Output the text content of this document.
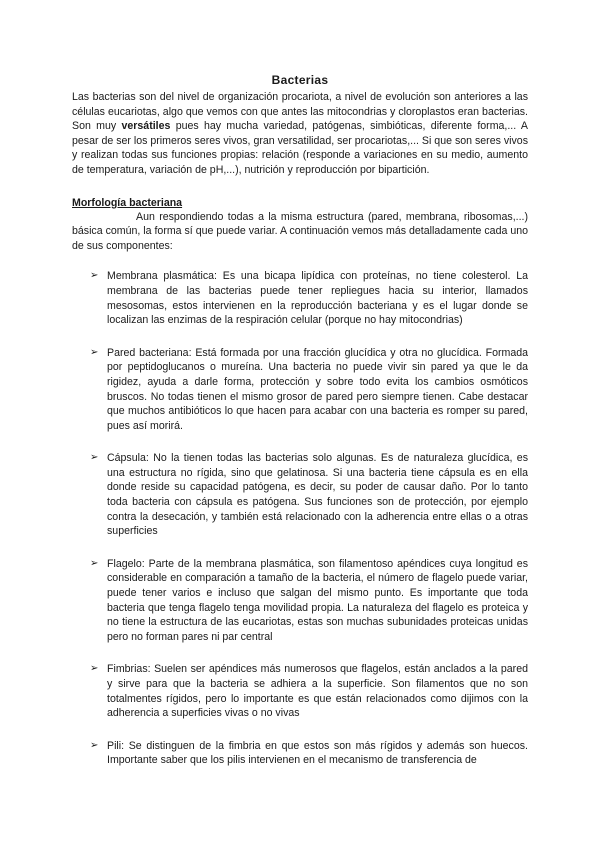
Bacterias

Las bacterias son del nivel de organización procariota, a nivel de evolución son anteriores a las células eucariotas, algo que vemos con que antes las mitocondrias y cloroplastos eran bacterias. Son muy versátiles pues hay mucha variedad, patógenas, simbióticas, diferente forma,... A pesar de ser los primeros seres vivos, gran versatilidad, ser procariotas,... Si que son seres vivos y realizan todas sus funciones propias: relación (responde a variaciones en su medio, aumento de temperatura, variación de pH,...), nutrición y reproducción por bipartición.

Morfología bacteriana

Aun respondiendo todas a la misma estructura (pared, membrana, ribosomas,...) básica común, la forma sí que puede variar. A continuación vemos más detalladamente cada uno de sus componentes:

➢ Membrana plasmática: Es una bicapa lipídica con proteínas, no tiene colesterol. La membrana de las bacterias puede tener repliegues hacia su interior, llamados mesosomas, estos intervienen en la reproducción bacteriana y es el lugar donde se localizan las enzimas de la respiración celular (porque no hay mitocondrias)
➢ Pared bacteriana: Está formada por una fracción glucídica y otra no glucídica. Formada por peptidoglucanos o mureína. Una bacteria no puede vivir sin pared ya que le da rigidez, ayuda a darle forma, protección y sobre todo evita los cambios osmóticos bruscos. No todas tienen el mismo grosor de pared pero siempre tienen. Cabe destacar que muchos antibióticos lo que hacen para acabar con una bacteria es romper su pared, pues así morirá.
➢ Cápsula: No la tienen todas las bacterias solo algunas. Es de naturaleza glucídica, es una estructura no rígida, sino que gelatinosa. Si una bacteria tiene cápsula es en ella donde reside su capacidad patógena, es decir, su poder de causar daño. Por lo tanto toda bacteria con cápsula es patógena. Sus funciones son de protección, por ejemplo contra la desecación, y también está relacionado con la adherencia entre ellas o a otras superficies
➢ Flagelo: Parte de la membrana plasmática, son filamentoso apéndices cuya longitud es considerable en comparación a tamaño de la bacteria, el número de flagelo puede variar, puede tener varios e incluso que salgan del mismo punto. Es importante que toda bacteria que tenga flagelo tenga movilidad propia. La naturaleza del flagelo es proteica y no tiene la estructura de las eucariotas, estas son muchas subunidades proteicas unidas pero no forman pares ni par central
➢ Fimbrias: Suelen ser apéndices más numerosos que flagelos, están anclados a la pared y sirve para que la bacteria se adhiera a la superficie. Son filamentos que no son totalmentes rígidos, pero lo importante es que están relacionados como dijimos con la adherencia a superficies vivas o no vivas
➢ Pili: Se distinguen de la fimbria en que estos son más rígidos y además son huecos. Importante saber que los pilis intervienen en el mecanismo de transferencia de
